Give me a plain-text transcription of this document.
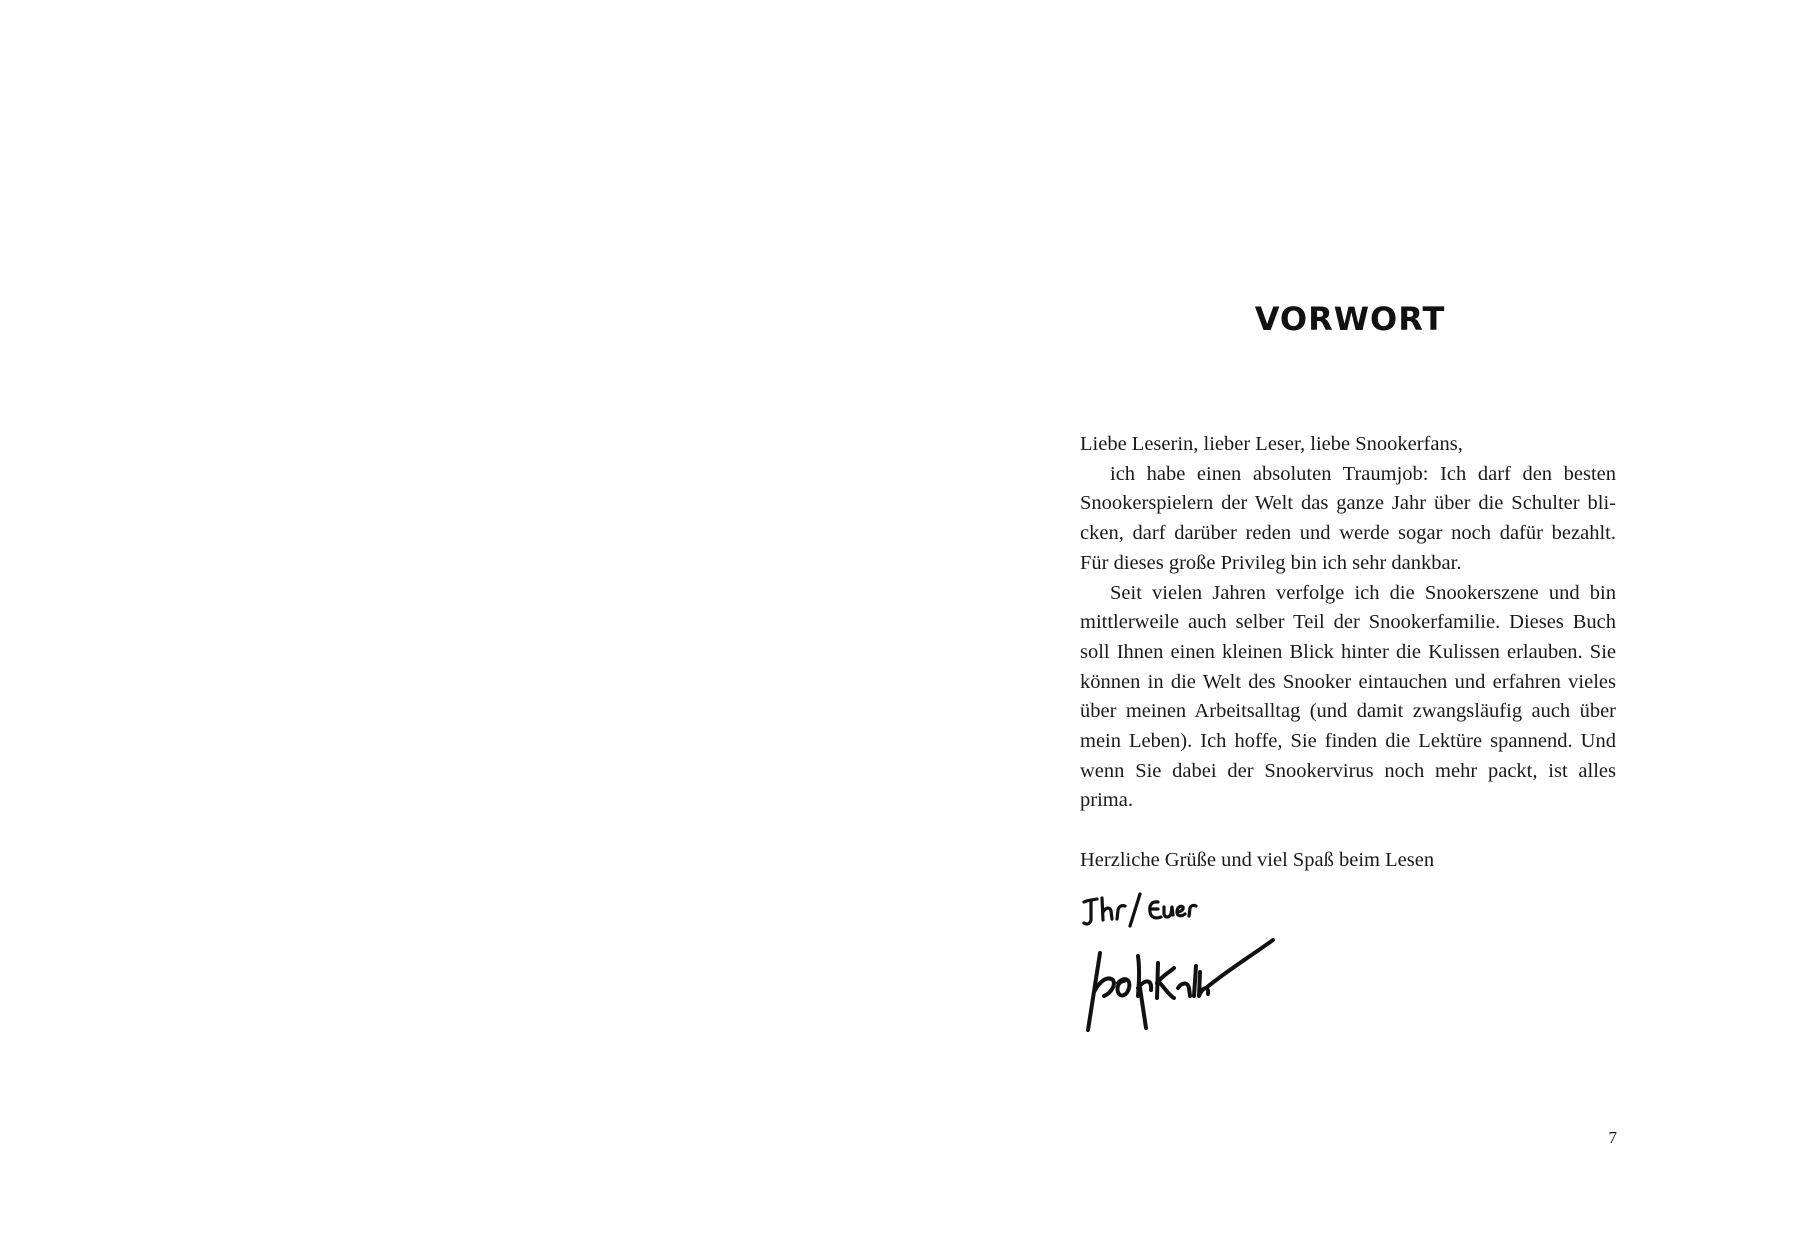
VORWORT

Liebe Leserin, lieber Leser, liebe Snookerfans,

ich habe einen absoluten Traumjob: Ich darf den besten Snookerspielern der Welt das ganze Jahr über die Schulter blicken, darf darüber reden und werde sogar noch dafür bezahlt. Für dieses große Privileg bin ich sehr dankbar.

Seit vielen Jahren verfolge ich die Snookerszene und bin mittlerweile auch selber Teil der Snookerfamilie. Dieses Buch soll Ihnen einen kleinen Blick hinter die Kulissen erlauben. Sie können in die Welt des Snooker eintauchen und erfahren vieles über meinen Arbeitsalltag (und damit zwangsläufig auch über mein Leben). Ich hoffe, Sie finden die Lektüre spannend. Und wenn Sie dabei der Snookervirus noch mehr packt, ist alles prima.

Herzliche Grüße und viel Spaß beim Lesen

7
